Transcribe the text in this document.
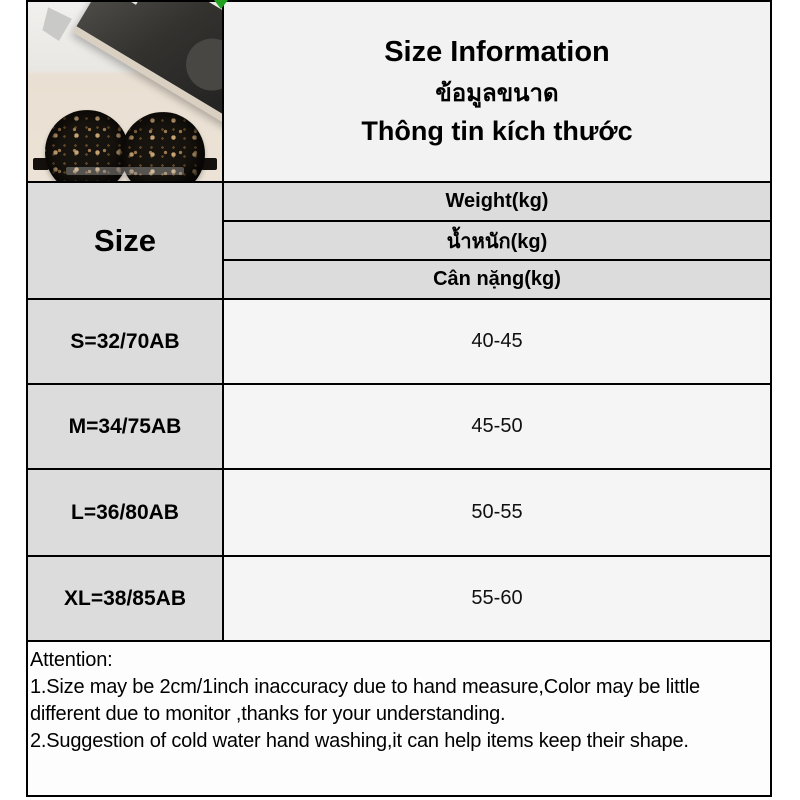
Size Information
ข้อมูลขนาด
Thông tin kích thước
Size
Weight(kg)
น้ำหนัก(kg)
Cân nặng(kg)
S=32/70AB	40-45
M=34/75AB	45-50
L=36/80AB	50-55
XL=38/85AB	55-60

Attention:

1.Size may be 2cm/1inch inaccuracy due to hand measure,Color may be little different due to monitor ,thanks for your understanding.

2.Suggestion of cold water hand washing,it can help items keep their shape.
